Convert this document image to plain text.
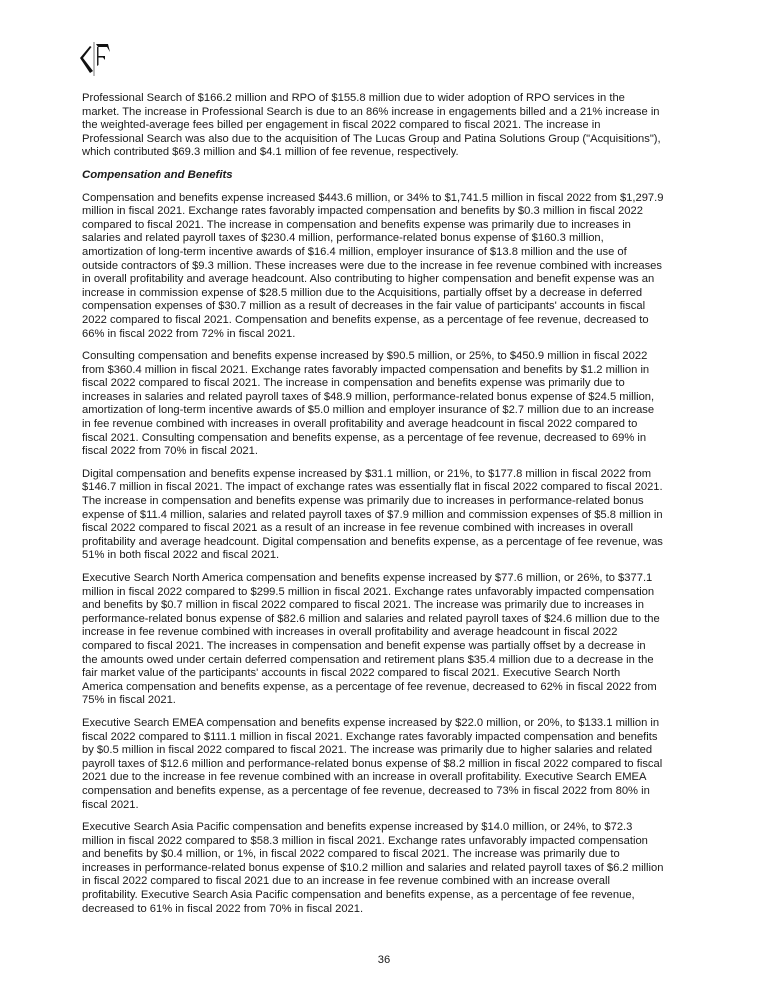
Professional Search of $166.2 million and RPO of $155.8 million due to wider adoption of RPO services in the
market. The increase in Professional Search is due to an 86% increase in engagements billed and a 21% increase in
the weighted-average fees billed per engagement in fiscal 2022 compared to fiscal 2021. The increase in
Professional Search was also due to the acquisition of The Lucas Group and Patina Solutions Group ("Acquisitions"),
which contributed $69.3 million and $4.1 million of fee revenue, respectively.

Compensation and Benefits

Compensation and benefits expense increased $443.6 million, or 34% to $1,741.5 million in fiscal 2022 from $1,297.9
million in fiscal 2021. Exchange rates favorably impacted compensation and benefits by $0.3 million in fiscal 2022
compared to fiscal 2021. The increase in compensation and benefits expense was primarily due to increases in
salaries and related payroll taxes of $230.4 million, performance-related bonus expense of $160.3 million,
amortization of long-term incentive awards of $16.4 million, employer insurance of $13.8 million and the use of
outside contractors of $9.3 million. These increases were due to the increase in fee revenue combined with increases
in overall profitability and average headcount. Also contributing to higher compensation and benefit expense was an
increase in commission expense of $28.5 million due to the Acquisitions, partially offset by a decrease in deferred
compensation expenses of $30.7 million as a result of decreases in the fair value of participants' accounts in fiscal
2022 compared to fiscal 2021. Compensation and benefits expense, as a percentage of fee revenue, decreased to
66% in fiscal 2022 from 72% in fiscal 2021.

Consulting compensation and benefits expense increased by $90.5 million, or 25%, to $450.9 million in fiscal 2022
from $360.4 million in fiscal 2021. Exchange rates favorably impacted compensation and benefits by $1.2 million in
fiscal 2022 compared to fiscal 2021. The increase in compensation and benefits expense was primarily due to
increases in salaries and related payroll taxes of $48.9 million, performance-related bonus expense of $24.5 million,
amortization of long-term incentive awards of $5.0 million and employer insurance of $2.7 million due to an increase
in fee revenue combined with increases in overall profitability and average headcount in fiscal 2022 compared to
fiscal 2021. Consulting compensation and benefits expense, as a percentage of fee revenue, decreased to 69% in
fiscal 2022 from 70% in fiscal 2021.

Digital compensation and benefits expense increased by $31.1 million, or 21%, to $177.8 million in fiscal 2022 from
$146.7 million in fiscal 2021. The impact of exchange rates was essentially flat in fiscal 2022 compared to fiscal 2021.
The increase in compensation and benefits expense was primarily due to increases in performance-related bonus
expense of $11.4 million, salaries and related payroll taxes of $7.9 million and commission expenses of $5.8 million in
fiscal 2022 compared to fiscal 2021 as a result of an increase in fee revenue combined with increases in overall
profitability and average headcount. Digital compensation and benefits expense, as a percentage of fee revenue, was
51% in both fiscal 2022 and fiscal 2021.

Executive Search North America compensation and benefits expense increased by $77.6 million, or 26%, to $377.1
million in fiscal 2022 compared to $299.5 million in fiscal 2021. Exchange rates unfavorably impacted compensation
and benefits by $0.7 million in fiscal 2022 compared to fiscal 2021. The increase was primarily due to increases in
performance-related bonus expense of $82.6 million and salaries and related payroll taxes of $24.6 million due to the
increase in fee revenue combined with increases in overall profitability and average headcount in fiscal 2022
compared to fiscal 2021. The increases in compensation and benefit expense was partially offset by a decrease in
the amounts owed under certain deferred compensation and retirement plans $35.4 million due to a decrease in the
fair market value of the participants' accounts in fiscal 2022 compared to fiscal 2021. Executive Search North
America compensation and benefits expense, as a percentage of fee revenue, decreased to 62% in fiscal 2022 from
75% in fiscal 2021.

Executive Search EMEA compensation and benefits expense increased by $22.0 million, or 20%, to $133.1 million in
fiscal 2022 compared to $111.1 million in fiscal 2021. Exchange rates favorably impacted compensation and benefits
by $0.5 million in fiscal 2022 compared to fiscal 2021. The increase was primarily due to higher salaries and related
payroll taxes of $12.6 million and performance-related bonus expense of $8.2 million in fiscal 2022 compared to fiscal
2021 due to the increase in fee revenue combined with an increase in overall profitability. Executive Search EMEA
compensation and benefits expense, as a percentage of fee revenue, decreased to 73% in fiscal 2022 from 80% in
fiscal 2021.

Executive Search Asia Pacific compensation and benefits expense increased by $14.0 million, or 24%, to $72.3
million in fiscal 2022 compared to $58.3 million in fiscal 2021. Exchange rates unfavorably impacted compensation
and benefits by $0.4 million, or 1%, in fiscal 2022 compared to fiscal 2021. The increase was primarily due to
increases in performance-related bonus expense of $10.2 million and salaries and related payroll taxes of $6.2 million
in fiscal 2022 compared to fiscal 2021 due to an increase in fee revenue combined with an increase overall
profitability. Executive Search Asia Pacific compensation and benefits expense, as a percentage of fee revenue,
decreased to 61% in fiscal 2022 from 70% in fiscal 2021.

36
